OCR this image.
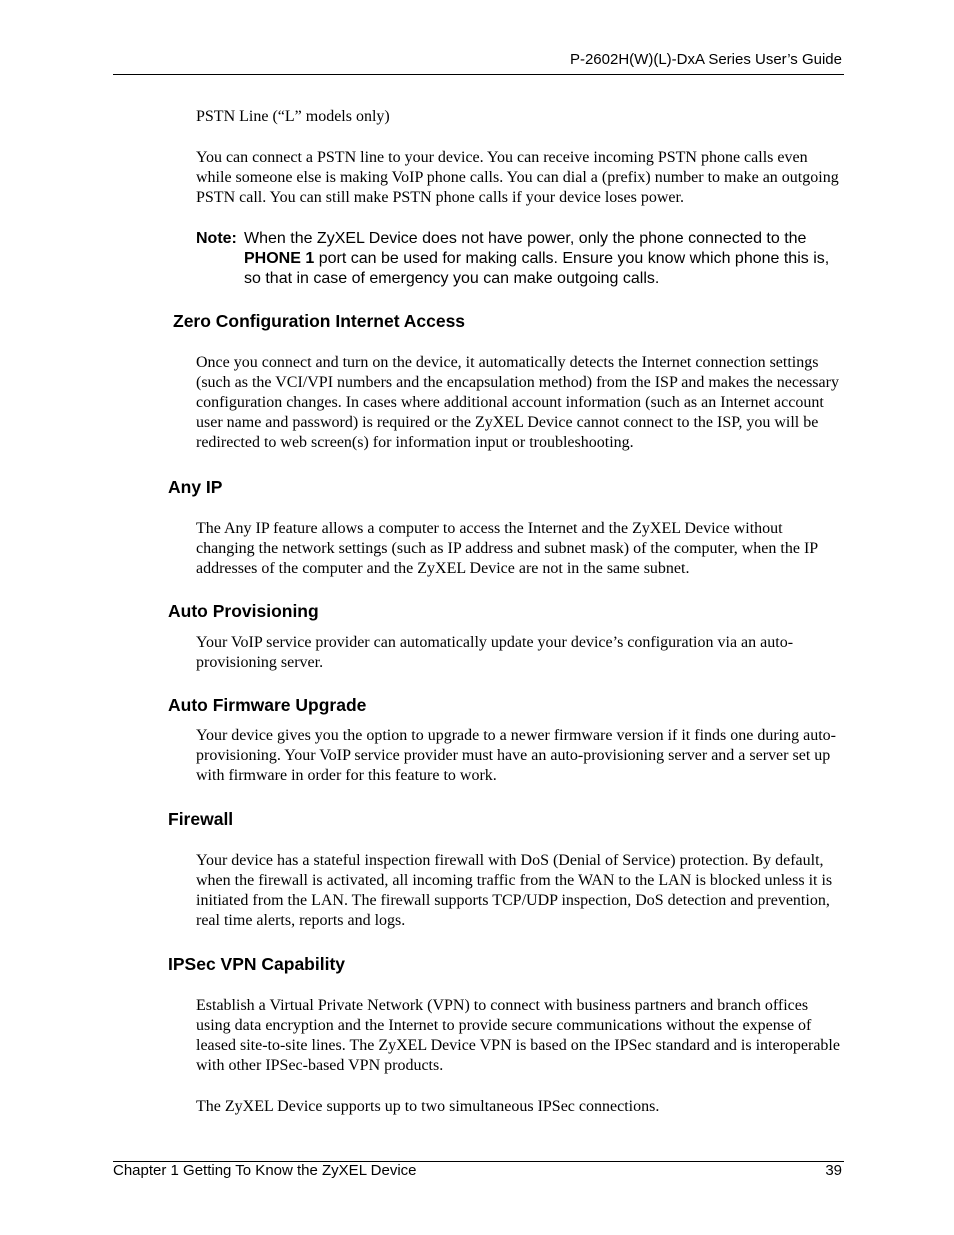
P-2602H(W)(L)-DxA Series User’s Guide

PSTN Line (“L” models only)

You can connect a PSTN line to your device. You can receive incoming PSTN phone calls even while someone else is making VoIP phone calls. You can dial a (prefix) number to make an outgoing PSTN call. You can still make PSTN phone calls if your device loses power.

Note: When the ZyXEL Device does not have power, only the phone connected to the PHONE 1 port can be used for making calls. Ensure you know which phone this is, so that in case of emergency you can make outgoing calls.
Zero Configuration Internet Access

Once you connect and turn on the device, it automatically detects the Internet connection settings (such as the VCI/VPI numbers and the encapsulation method) from the ISP and makes the necessary configuration changes. In cases where additional account information (such as an Internet account user name and password) is required or the ZyXEL Device cannot connect to the ISP, you will be redirected to web screen(s) for information input or troubleshooting.

Any IP

The Any IP feature allows a computer to access the Internet and the ZyXEL Device without changing the network settings (such as IP address and subnet mask) of the computer, when the IP addresses of the computer and the ZyXEL Device are not in the same subnet.

Auto Provisioning

Your VoIP service provider can automatically update your device’s configuration via an auto-provisioning server.

Auto Firmware Upgrade

Your device gives you the option to upgrade to a newer firmware version if it finds one during auto-provisioning. Your VoIP service provider must have an auto-provisioning server and a server set up with firmware in order for this feature to work.

Firewall

Your device has a stateful inspection firewall with DoS (Denial of Service) protection. By default, when the firewall is activated, all incoming traffic from the WAN to the LAN is blocked unless it is initiated from the LAN. The firewall supports TCP/UDP inspection, DoS detection and prevention, real time alerts, reports and logs.

IPSec VPN Capability

Establish a Virtual Private Network (VPN) to connect with business partners and branch offices using data encryption and the Internet to provide secure communications without the expense of leased site-to-site lines. The ZyXEL Device VPN is based on the IPSec standard and is interoperable with other IPSec-based VPN products.

The ZyXEL Device supports up to two simultaneous IPSec connections.

Chapter 1 Getting To Know the ZyXEL Device	39
